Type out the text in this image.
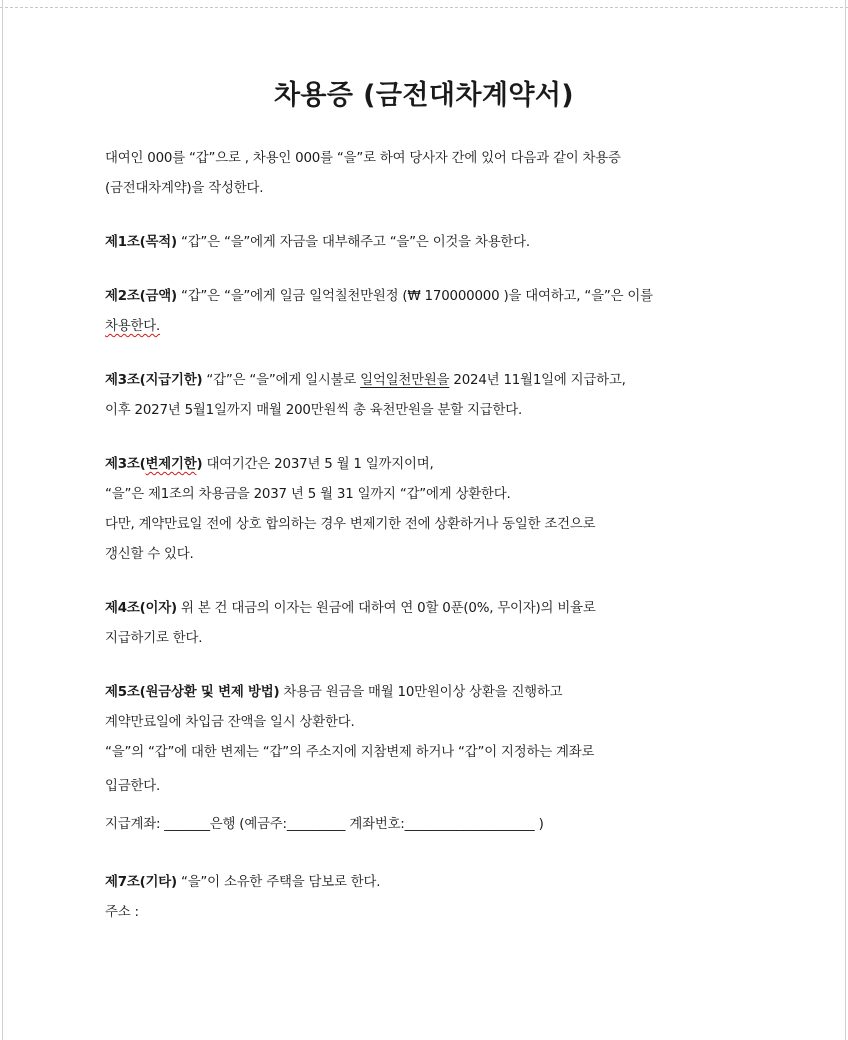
차용증 (금전대차계약서)

대여인 000를 “갑”으로 , 차용인 000를 “을”로 하여 당사자 간에 있어 다음과 같이 차용증

(금전대차계약)을 작성한다.

제1조(목적) “갑”은 “을”에게 자금을 대부해주고 “을”은 이것을 차용한다.

제2조(금액) “갑”은 “을”에게 일금 일억칠천만원정 (₩ 170000000 )을 대여하고, “을”은 이를

차용한다.

제3조(지급기한) “갑”은 “을”에게 일시불로 일억일천만원을 2024년 11월1일에 지급하고,

이후 2027년 5월1일까지 매월 200만원씩 총 육천만원을 분할 지급한다.

제3조(변제기한) 대여기간은 2037년 5 월 1 일까지이며,

“을”은 제1조의 차용금을 2037 년 5 월 31 일까지 “갑”에게 상환한다.

다만, 계약만료일 전에 상호 합의하는 경우 변제기한 전에 상환하거나 동일한 조건으로

갱신할 수 있다.

제4조(이자) 위 본 건 대금의 이자는 원금에 대하여 연 0할 0푼(0%, 무이자)의 비율로

지급하기로 한다.

제5조(원금상환 및 변제 방법) 차용금 원금을 매월 10만원이상 상환을 진행하고

계약만료일에 차입금 잔액을 일시 상환한다.

“을”의 “갑”에 대한 변제는 “갑”의 주소지에 지참변제 하거나 “갑”이 지정하는 계좌로

입금한다.

지급계좌: _______은행 (예금주:_________ 계좌번호:____________________ )

제7조(기타) “을”이 소유한 주택을 담보로 한다.

주소 :
